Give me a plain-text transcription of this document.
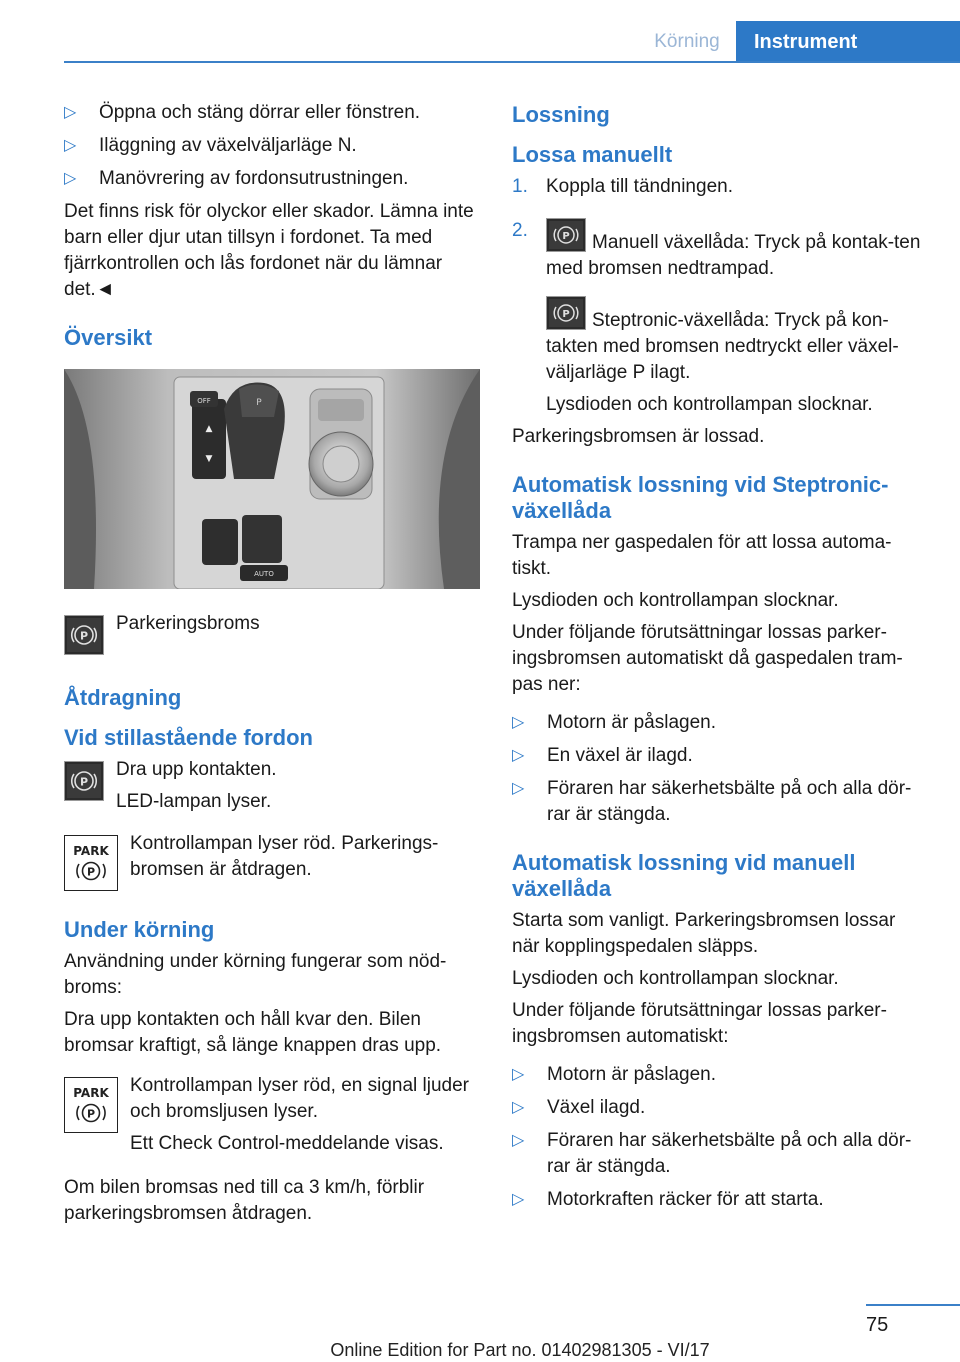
Körning	Instrument
▷ Öppna och stäng dörrar eller fönstren.
▷ Iläggning av växelväljarläge N.
▷ Manövrering av fordonsutrustningen.

Det finns risk för olyckor eller skador. Lämna inte barn eller djur utan tillsyn i fordonet. Ta med fjärrkontrollen och lås fordonet när du lämnar det.◄

Översikt
▲
▼
OFF	P
AUTO
P
Parkeringsbroms
Åtdragning
Vid stillastående fordon
P

Dra upp kontakten.

LED-lampan lyser.

PARK
P

Kontrollampan lyser röd. Parkerings‐bromsen är åtdragen.

Under körning

Användning under körning fungerar som nöd‐broms:

Dra upp kontakten och håll kvar den. Bilen bromsar kraftigt, så länge knappen dras upp.

PARK
P

Kontrollampan lyser röd, en signal ljuder och bromsljusen lyser.

Ett Check Control-meddelande visas.

Om bilen bromsas ned till ca 3 km/h, förblir parkeringsbromsen åtdragen.

Lossning
Lossa manuellt
1. Koppla till tändningen.
2.	P Manuell växellåda: Tryck på kontak‐ten med bromsen nedtrampad.
P Steptronic-växellåda: Tryck på kon‐takten med bromsen nedtryckt eller växel‐väljarläge P ilagt.

Lysdioden och kontrollampan slocknar.

Parkeringsbromsen är lossad.

Automatisk lossning vid Steptronic-växellåda

Trampa ner gaspedalen för att lossa automa‐tiskt.

Lysdioden och kontrollampan slocknar.

Under följande förutsättningar lossas parker‐ingsbromsen automatiskt då gaspedalen tram‐pas ner:

▷ Motorn är påslagen.
▷ En växel är ilagd.
▷ Föraren har säkerhetsbälte på och alla dör‐rar är stängda.
Automatisk lossning vid manuell växellåda

Starta som vanligt. Parkeringsbromsen lossar när kopplingspedalen släpps.

Lysdioden och kontrollampan slocknar.

Under följande förutsättningar lossas parker‐ingsbromsen automatiskt:

▷ Motorn är påslagen.
▷ Växel ilagd.
▷ Föraren har säkerhetsbälte på och alla dör‐rar är stängda.
▷ Motorkraften räcker för att starta.
75
Online Edition for Part no. 01402981305 - VI/17
